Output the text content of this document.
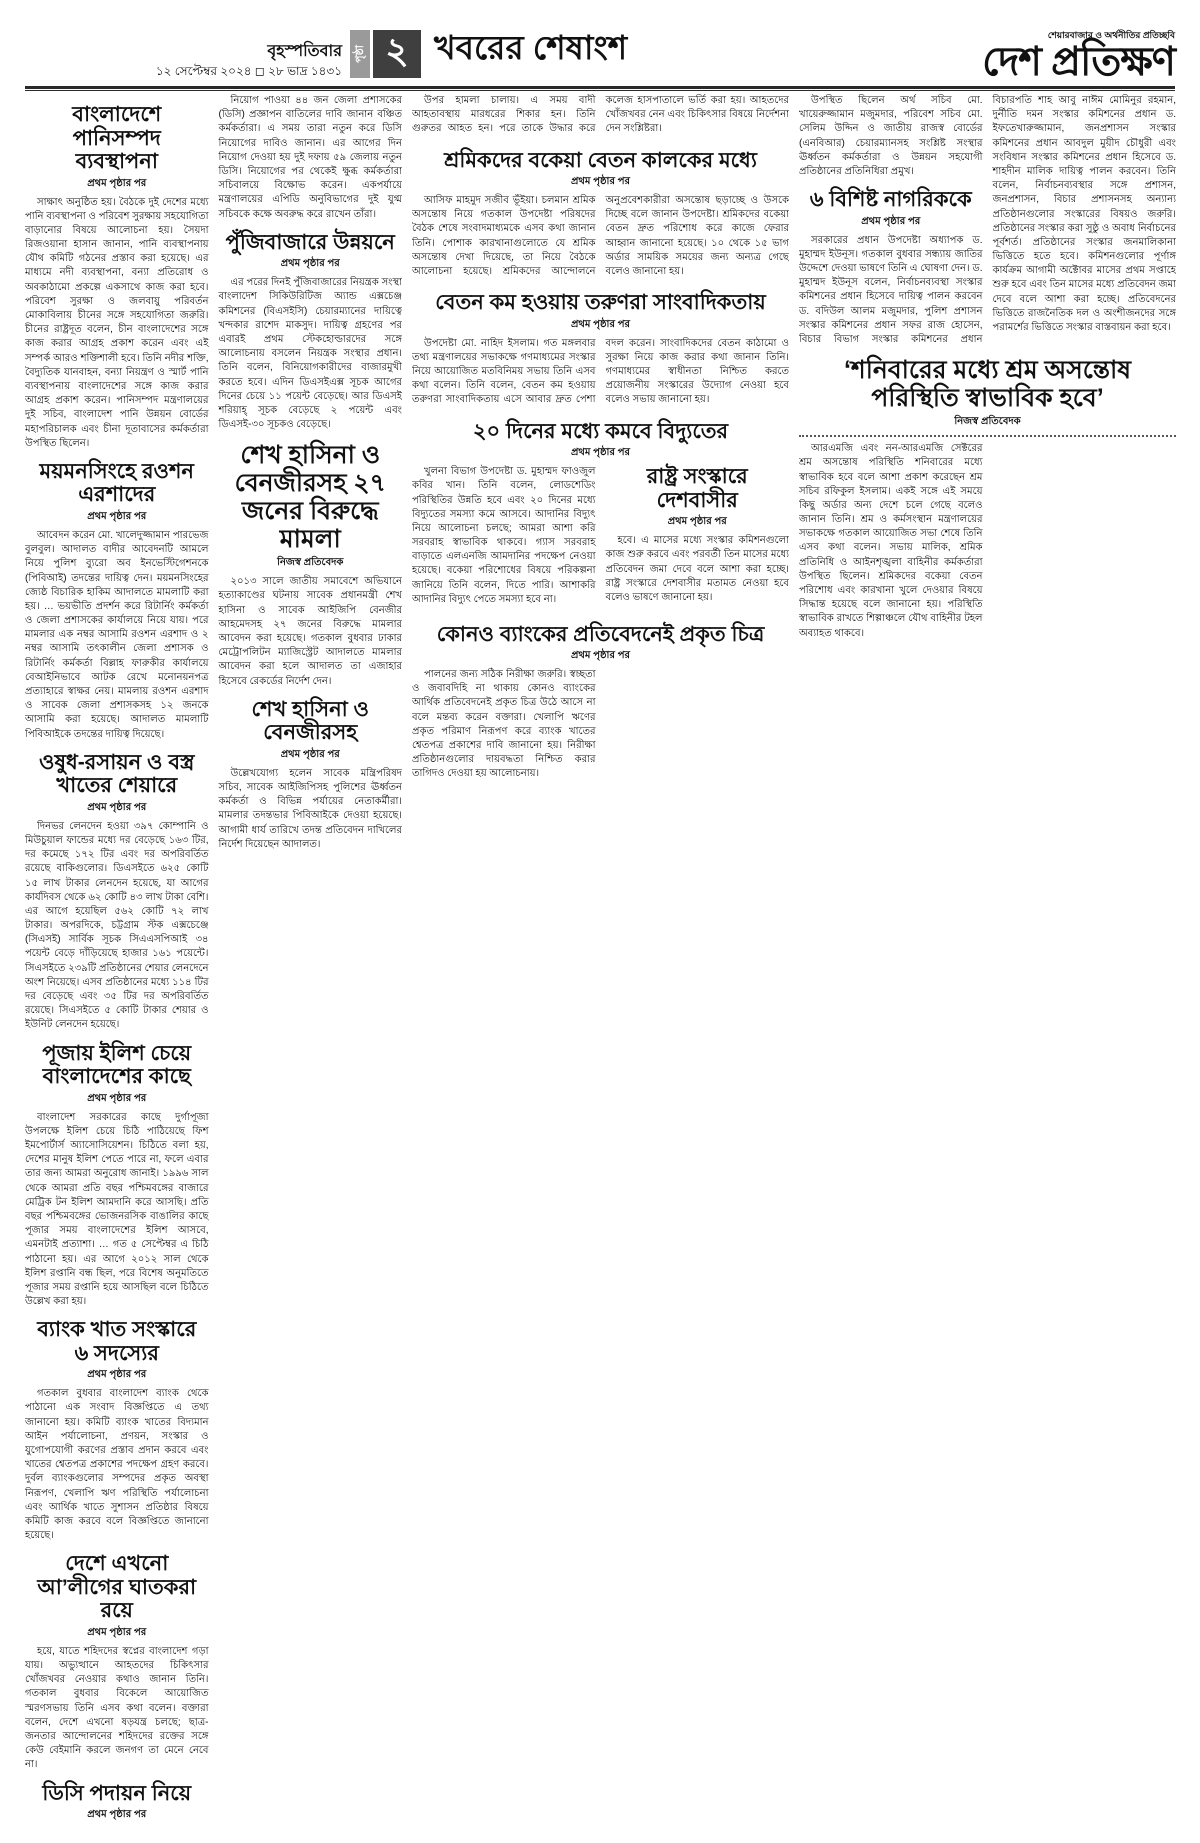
বৃহস্পতিবার
১২ সেপ্টেম্বর ২০২৪ ◻ ২৮ ভাদ্র ১৪৩১
পৃষ্ঠা ২ খবরের শেষাংশ	শেয়ারবাজার ও অর্থনীতির প্রতিচ্ছবি
দেশ প্রতিক্ষণ
বাংলাদেশে পানিসম্পদ ব্যবস্থাপনা
প্রথম পৃষ্ঠার পর

সাক্ষাৎ অনুষ্ঠিত হয়। বৈঠকে দুই দেশের মধ্যে পানি ব্যবস্থাপনা ও পরিবেশ সুরক্ষায় সহযোগিতা বাড়ানোর বিষয়ে আলোচনা হয়। সৈয়দা রিজওয়ানা হাসান জানান, পানি ব্যবস্থাপনায় যৌথ কমিটি গঠনের প্রস্তাব করা হয়েছে। এর মাধ্যমে নদী ব্যবস্থাপনা, বন্যা প্রতিরোধ ও অবকাঠামো প্রকল্পে একসাথে কাজ করা হবে। পরিবেশ সুরক্ষা ও জলবায়ু পরিবর্তন মোকাবিলায় চীনের সঙ্গে সহযোগিতা জরুরি। চীনের রাষ্ট্রদূত বলেন, চীন বাংলাদেশের সঙ্গে কাজ করার আগ্রহ প্রকাশ করেন এবং এই সম্পর্ক আরও শক্তিশালী হবে। তিনি নদীর শক্তি, বৈদ্যুতিক যানবাহন, বন্যা নিয়ন্ত্রণ ও স্মার্ট পানি ব্যবস্থাপনায় বাংলাদেশের সঙ্গে কাজ করার আগ্রহ প্রকাশ করেন। পানিসম্পদ মন্ত্রণালয়ের দুই সচিব, বাংলাদেশ পানি উন্নয়ন বোর্ডের মহাপরিচালক এবং চীনা দূতাবাসের কর্মকর্তারা উপস্থিত ছিলেন।

ময়মনসিংহে রওশন এরশাদের
প্রথম পৃষ্ঠার পর

আবেদন করেন মো. খালেদুজ্জামান পারভেজ বুলবুল। আদালত বাদীর আবেদনটি আমলে নিয়ে পুলিশ ব্যুরো অব ইনভেস্টিগেশনকে (পিবিআই) তদন্তের দায়িত্ব দেন। ময়মনসিংহের জ্যেষ্ঠ বিচারিক হাকিম আদালতে মামলাটি করা হয়। … ভয়ভীতি প্রদর্শন করে রিটার্নিং কর্মকর্তা ও জেলা প্রশাসকের কার্যালয়ে নিয়ে যায়। পরে মামলার এক নম্বর আসামি রওশন এরশাদ ও ২ নম্বর আসামি তৎকালীন জেলা প্রশাসক ও রিটার্নিং কর্মকর্তা বিল্লাহ ফারুকীর কার্যালয়ে বেআইনিভাবে আটক রেখে মনোনয়নপত্র প্রত্যাহারে স্বাক্ষর নেয়। মামলায় রওশন এরশাদ ও সাবেক জেলা প্রশাসকসহ ১২ জনকে আসামি করা হয়েছে। আদালত মামলাটি পিবিআইকে তদন্তের দায়িত্ব দিয়েছে।

ওষুধ-রসায়ন ও বস্ত্র খাতের শেয়ারে
প্রথম পৃষ্ঠার পর

দিনভর লেনদেন হওয়া ৩৯৭ কোম্পানি ও মিউচুয়াল ফান্ডের মধ্যে দর বেড়েছে ১৬৩ টির, দর কমেছে ১৭২ টির এবং দর অপরিবর্তিত রয়েছে বাকিগুলোর। ডিএসইতে ৬২৫ কোটি ১৫ লাখ টাকার লেনদেন হয়েছে, যা আগের কার্যদিবস থেকে ৬২ কোটি ৪৩ লাখ টাকা বেশি। এর আগে হয়েছিল ৫৬২ কোটি ৭২ লাখ টাকার। অপরদিকে, চট্টগ্রাম স্টক এক্সচেঞ্জে (সিএসই) সার্বিক সূচক সিএএসপিআই ৩৪ পয়েন্ট বেড়ে দাঁড়িয়েছে হাজার ১৬১ পয়েন্টে। সিএসইতে ২৩৯টি প্রতিষ্ঠানের শেয়ার লেনদেনে অংশ নিয়েছে। এসব প্রতিষ্ঠানের মধ্যে ১১৪ টির দর বেড়েছে এবং ৩৫ টির দর অপরিবর্তিত রয়েছে। সিএসইতে ৫ কোটি টাকার শেয়ার ও ইউনিট লেনদেন হয়েছে।

পূজায় ইলিশ চেয়ে বাংলাদেশের কাছে
প্রথম পৃষ্ঠার পর

বাংলাদেশ সরকারের কাছে দুর্গাপূজা উপলক্ষে ইলিশ চেয়ে চিঠি পাঠিয়েছে ফিশ ইমপোর্টার্স অ্যাসোসিয়েশন। চিঠিতে বলা হয়, দেশের মানুষ ইলিশ পেতে পারে না, ফলে এবার তার জন্য আমরা অনুরোধ জানাই। ১৯৯৬ সাল থেকে আমরা প্রতি বছর পশ্চিমবঙ্গের বাজারে মেট্রিক টন ইলিশ আমদানি করে আসছি। প্রতি বছর পশ্চিমবঙ্গের ভোজনরসিক বাঙালির কাছে পূজার সময় বাংলাদেশের ইলিশ আসবে, এমনটাই প্রত্যাশা। … গত ৫ সেপ্টেম্বর এ চিঠি পাঠানো হয়। এর আগে ২০১২ সাল থেকে ইলিশ রপ্তানি বন্ধ ছিল, পরে বিশেষ অনুমতিতে পূজার সময় রপ্তানি হয়ে আসছিল বলে চিঠিতে উল্লেখ করা হয়।

ব্যাংক খাত সংস্কারে ৬ সদস্যের
প্রথম পৃষ্ঠার পর

গতকাল বুধবার বাংলাদেশ ব্যাংক থেকে পাঠানো এক সংবাদ বিজ্ঞপ্তিতে এ তথ্য জানানো হয়। কমিটি ব্যাংক খাতের বিদ্যমান আইন পর্যালোচনা, প্রণয়ন, সংস্কার ও যুগোপযোগী করণের প্রস্তাব প্রদান করবে এবং খাতের শ্বেতপত্র প্রকাশের পদক্ষেপ গ্রহণ করবে। দুর্বল ব্যাংকগুলোর সম্পদের প্রকৃত অবস্থা নিরূপণ, খেলাপি ঋণ পরিস্থিতি পর্যালোচনা এবং আর্থিক খাতে সুশাসন প্রতিষ্ঠার বিষয়ে কমিটি কাজ করবে বলে বিজ্ঞপ্তিতে জানানো হয়েছে।

দেশে এখনো আ’লীগের ঘাতকরা রয়ে
প্রথম পৃষ্ঠার পর

হয়ে, যাতে শহিদদের স্বপ্নের বাংলাদেশ গড়া যায়। অভ্যুত্থানে আহতদের চিকিৎসার খোঁজখবর নেওয়ার কথাও জানান তিনি। গতকাল বুধবার বিকেলে আয়োজিত স্মরণসভায় তিনি এসব কথা বলেন। বক্তারা বলেন, দেশে এখনো ষড়যন্ত্র চলছে; ছাত্র-জনতার আন্দোলনের শহিদদের রক্তের সঙ্গে কেউ বেইমানি করলে জনগণ তা মেনে নেবে না।

ডিসি পদায়ন নিয়ে
প্রথম পৃষ্ঠার পর

নিয়োগ পাওয়া ৪৪ জন জেলা প্রশাসকের (ডিসি) প্রজ্ঞাপন বাতিলের দাবি জানান বঞ্চিত কর্মকর্তারা। এ সময় তারা নতুন করে ডিসি নিয়োগের দাবিও জানান। এর আগের দিন নিয়োগ দেওয়া হয় দুই দফায় ৫৯ জেলায় নতুন ডিসি। নিয়োগের পর থেকেই ক্ষুব্ধ কর্মকর্তারা সচিবালয়ে বিক্ষোভ করেন। একপর্যায়ে মন্ত্রণালয়ের এপিডি অনুবিভাগের দুই যুগ্ম সচিবকে কক্ষে অবরুদ্ধ করে রাখেন তাঁরা।

পুঁজিবাজারে উন্নয়নে
প্রথম পৃষ্ঠার পর

এর পরের দিনই পুঁজিবাজারের নিয়ন্ত্রক সংস্থা বাংলাদেশ সিকিউরিটিজ অ্যান্ড এক্সচেঞ্জ কমিশনের (বিএসইসি) চেয়ারম্যানের দায়িত্বে খন্দকার রাশেদ মাকসুদ। দায়িত্ব গ্রহণের পর এবারই প্রথম স্টেকহোল্ডারদের সঙ্গে আলোচনায় বসলেন নিয়ন্ত্রক সংস্থার প্রধান। তিনি বলেন, বিনিয়োগকারীদের বাজারমুখী করতে হবে। এদিন ডিএসইএক্স সূচক আগের দিনের চেয়ে ১১ পয়েন্ট বেড়েছে। আর ডিএসই শরিয়াহ্ সূচক বেড়েছে ২ পয়েন্ট এবং ডিএসই-৩০ সূচকও বেড়েছে।

শেখ হাসিনা ও বেনজীরসহ ২৭ জনের বিরুদ্ধে মামলা
নিজস্ব প্রতিবেদক

২০১৩ সালে জাতীয় সমাবেশে অভিযানে হত্যাকাণ্ডের ঘটনায় সাবেক প্রধানমন্ত্রী শেখ হাসিনা ও সাবেক আইজিপি বেনজীর আহমেদসহ ২৭ জনের বিরুদ্ধে মামলার আবেদন করা হয়েছে। গতকাল বুধবার ঢাকার মেট্রোপলিটন ম্যাজিস্ট্রেট আদালতে মামলার আবেদন করা হলে আদালত তা এজাহার হিসেবে রেকর্ডের নির্দেশ দেন।

শেখ হাসিনা ও বেনজীরসহ
প্রথম পৃষ্ঠার পর

উল্লেখযোগ্য হলেন সাবেক মন্ত্রিপরিষদ সচিব, সাবেক আইজিপিসহ পুলিশের ঊর্ধ্বতন কর্মকর্তা ও বিভিন্ন পর্যায়ের নেতাকর্মীরা। মামলার তদন্তভার পিবিআইকে দেওয়া হয়েছে। আগামী ধার্য তারিখে তদন্ত প্রতিবেদন দাখিলের নির্দেশ দিয়েছেন আদালত।

উপর হামলা চালায়। এ সময় বাদী আহতাবস্থায় মারধরের শিকার হন। তিনি গুরুতর আহত হন। পরে তাকে উদ্ধার করে কলেজ হাসপাতালে ভর্তি করা হয়। আহতদের খোঁজখবর নেন এবং চিকিৎসার বিষয়ে নির্দেশনা দেন সংশ্লিষ্টরা।

শ্রমিকদের বকেয়া বেতন কালকের মধ্যে
প্রথম পৃষ্ঠার পর

আসিফ মাহমুদ সজীব ভূঁইয়া। চলমান শ্রমিক অসন্তোষ নিয়ে গতকাল উপদেষ্টা পরিষদের বৈঠক শেষে সংবাদমাধ্যমকে এসব কথা জানান তিনি। পোশাক কারখানাগুলোতে যে শ্রমিক অসন্তোষ দেখা দিয়েছে, তা নিয়ে বৈঠকে আলোচনা হয়েছে। শ্রমিকদের আন্দোলনে অনুপ্রবেশকারীরা অসন্তোষ ছড়াচ্ছে ও উসকে দিচ্ছে বলে জানান উপদেষ্টা। শ্রমিকদের বকেয়া বেতন দ্রুত পরিশোধ করে কাজে ফেরার আহ্বান জানানো হয়েছে। ১০ থেকে ১৫ ভাগ অর্ডার সাময়িক সময়ের জন্য অন্যত্র গেছে বলেও জানানো হয়।

বেতন কম হওয়ায় তরুণরা সাংবাদিকতায়
প্রথম পৃষ্ঠার পর

উপদেষ্টা মো. নাহিদ ইসলাম। গত মঙ্গলবার তথ্য মন্ত্রণালয়ের সভাকক্ষে গণমাধ্যমের সংস্কার নিয়ে আয়োজিত মতবিনিময় সভায় তিনি এসব কথা বলেন। তিনি বলেন, বেতন কম হওয়ায় তরুণরা সাংবাদিকতায় এসে আবার দ্রুত পেশা বদল করেন। সাংবাদিকদের বেতন কাঠামো ও সুরক্ষা নিয়ে কাজ করার কথা জানান তিনি। গণমাধ্যমের স্বাধীনতা নিশ্চিত করতে প্রয়োজনীয় সংস্কারের উদ্যোগ নেওয়া হবে বলেও সভায় জানানো হয়।

২০ দিনের মধ্যে কমবে বিদ্যুতের
প্রথম পৃষ্ঠার পর

খুলনা বিভাগ উপদেষ্টা ড. মুহাম্মদ ফাওজুল কবির খান। তিনি বলেন, লোডশেডিং পরিস্থিতির উন্নতি হবে এবং ২০ দিনের মধ্যে বিদ্যুতের সমস্যা কমে আসবে। আদানির বিদ্যুৎ নিয়ে আলোচনা চলছে; আমরা আশা করি সরবরাহ স্বাভাবিক থাকবে। গ্যাস সরবরাহ বাড়াতে এলএনজি আমদানির পদক্ষেপ নেওয়া হয়েছে। বকেয়া পরিশোধের বিষয়ে পরিকল্পনা জানিয়ে তিনি বলেন, দিতে পারি। আশাকরি আদানির বিদ্যুৎ পেতে সমস্যা হবে না।

রাষ্ট্র সংস্কারে দেশবাসীর
প্রথম পৃষ্ঠার পর

হবে। এ মাসের মধ্যে সংস্কার কমিশনগুলো কাজ শুরু করবে এবং পরবর্তী তিন মাসের মধ্যে প্রতিবেদন জমা দেবে বলে আশা করা হচ্ছে। রাষ্ট্র সংস্কারে দেশবাসীর মতামত নেওয়া হবে বলেও ভাষণে জানানো হয়।

কোনও ব্যাংকের প্রতিবেদনেই প্রকৃত চিত্র
প্রথম পৃষ্ঠার পর

পালনের জন্য সঠিক নিরীক্ষা জরুরি। স্বচ্ছতা ও জবাবদিহি না থাকায় কোনও ব্যাংকের আর্থিক প্রতিবেদনেই প্রকৃত চিত্র উঠে আসে না বলে মন্তব্য করেন বক্তারা। খেলাপি ঋণের প্রকৃত পরিমাণ নিরূপণ করে ব্যাংক খাতের শ্বেতপত্র প্রকাশের দাবি জানানো হয়। নিরীক্ষা প্রতিষ্ঠানগুলোর দায়বদ্ধতা নিশ্চিত করার তাগিদও দেওয়া হয় আলোচনায়।

উপস্থিত ছিলেন অর্থ সচিব মো. খায়েরুজ্জামান মজুমদার, পরিবেশ সচিব মো. সেলিম উদ্দিন ও জাতীয় রাজস্ব বোর্ডের (এনবিআর) চেয়ারম্যানসহ সংশ্লিষ্ট সংস্থার ঊর্ধ্বতন কর্মকর্তারা ও উন্নয়ন সহযোগী প্রতিষ্ঠানের প্রতিনিধিরা প্রমুখ।

৬ বিশিষ্ট নাগরিককে
প্রথম পৃষ্ঠার পর

সরকারের প্রধান উপদেষ্টা অধ্যাপক ড. মুহাম্মদ ইউনূস। গতকাল বুধবার সন্ধ্যায় জাতির উদ্দেশে দেওয়া ভাষণে তিনি এ ঘোষণা দেন। ড. মুহাম্মদ ইউনূস বলেন, নির্বাচনব্যবস্থা সংস্কার কমিশনের প্রধান হিসেবে দায়িত্ব পালন করবেন ড. বদিউল আলম মজুমদার, পুলিশ প্রশাসন সংস্কার কমিশনের প্রধান সফর রাজ হোসেন, বিচার বিভাগ সংস্কার কমিশনের প্রধান বিচারপতি শাহ আবু নাঈম মোমিনুর রহমান, দুর্নীতি দমন সংস্কার কমিশনের প্রধান ড. ইফতেখারুজ্জামান, জনপ্রশাসন সংস্কার কমিশনের প্রধান আবদুল মুয়ীদ চৌধুরী এবং সংবিধান সংস্কার কমিশনের প্রধান হিসেবে ড. শাহদীন মালিক দায়িত্ব পালন করবেন। তিনি বলেন, নির্বাচনব্যবস্থার সঙ্গে প্রশাসন, জনপ্রশাসন, বিচার প্রশাসনসহ অন্যান্য প্রতিষ্ঠানগুলোর সংস্কারের বিষয়ও জরুরি। প্রতিষ্ঠানের সংস্কার করা সুষ্ঠু ও অবাধ নির্বাচনের পূর্বশর্ত। প্রতিষ্ঠানের সংস্কার জনমালিকানা ভিত্তিতে হতে হবে। কমিশনগুলোর পূর্ণাঙ্গ কার্যক্রম আগামী অক্টোবর মাসের প্রথম সপ্তাহে শুরু হবে এবং তিন মাসের মধ্যে প্রতিবেদন জমা দেবে বলে আশা করা হচ্ছে। প্রতিবেদনের ভিত্তিতে রাজনৈতিক দল ও অংশীজনদের সঙ্গে পরামর্শের ভিত্তিতে সংস্কার বাস্তবায়ন করা হবে।

‘শনিবারের মধ্যে শ্রম অসন্তোষ পরিস্থিতি স্বাভাবিক হবে’
নিজস্ব প্রতিবেদক

আরএমজি এবং নন-আরএমজি সেক্টরের শ্রম অসন্তোষ পরিস্থিতি শনিবারের মধ্যে স্বাভাবিক হবে বলে আশা প্রকাশ করেছেন শ্রম সচিব রফিকুল ইসলাম। একই সঙ্গে এই সময়ে কিছু অর্ডার অন্য দেশে চলে গেছে বলেও জানান তিনি। শ্রম ও কর্মসংস্থান মন্ত্রণালয়ের সভাকক্ষে গতকাল আয়োজিত সভা শেষে তিনি এসব কথা বলেন। সভায় মালিক, শ্রমিক প্রতিনিধি ও আইনশৃঙ্খলা বাহিনীর কর্মকর্তারা উপস্থিত ছিলেন। শ্রমিকদের বকেয়া বেতন পরিশোধ এবং কারখানা খুলে দেওয়ার বিষয়ে সিদ্ধান্ত হয়েছে বলে জানানো হয়। পরিস্থিতি স্বাভাবিক রাখতে শিল্পাঞ্চলে যৌথ বাহিনীর টহল অব্যাহত থাকবে।
